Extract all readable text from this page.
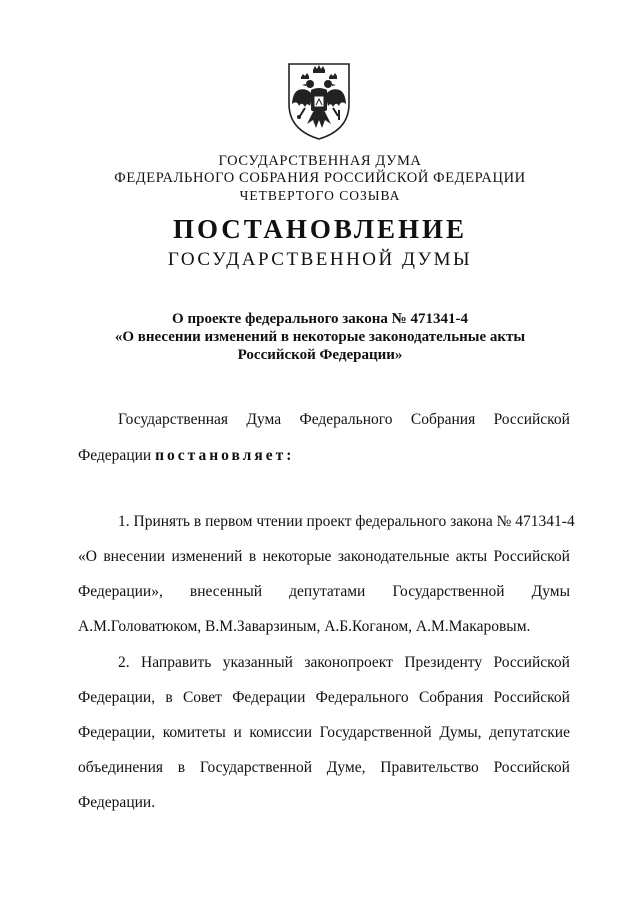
ГОСУДАРСТВЕННАЯ ДУМА
ФЕДЕРАЛЬНОГО СОБРАНИЯ РОССИЙСКОЙ ФЕДЕРАЦИИ
ЧЕТВЕРТОГО СОЗЫВА
ПОСТАНОВЛЕНИЕ
ГОСУДАРСТВЕННОЙ ДУМЫ
О проекте федерального закона № 471341-4
«О внесении изменений в некоторые законодательные акты
Российской Федерации»
Государственная Дума Федерального Собрания Российской
Федерации постановляет:
1. Принять в первом чтении проект федерального закона № 471341-4
«О внесении изменений в некоторые законодательные акты Российской
Федерации», внесенный депутатами Государственной Думы
А.М.Головатюком, В.М.Заварзиным, А.Б.Коганом, А.М.Макаровым.
2. Направить указанный законопроект Президенту Российской
Федерации, в Совет Федерации Федерального Собрания Российской
Федерации, комитеты и комиссии Государственной Думы, депутатские
объединения в Государственной Думе, Правительство Российской
Федерации.
